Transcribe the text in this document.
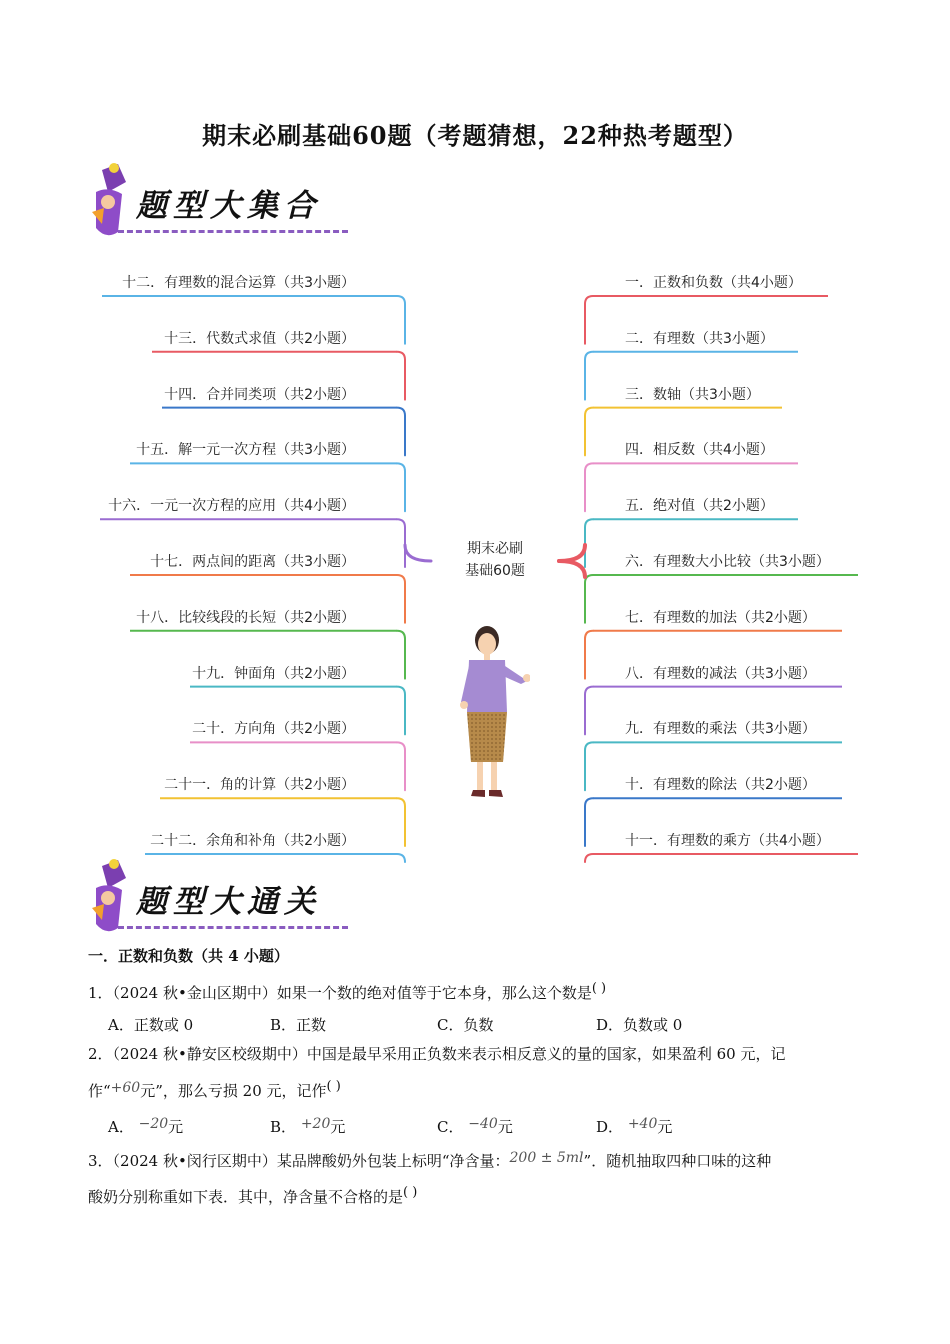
期末必刷基础60题（考题猜想，22种热考题型）
题型大集合
十二．有理数的混合运算（共3小题）
十三．代数式求值（共2小题）
十四．合并同类项（共2小题）
十五．解一元一次方程（共3小题）
十六．一元一次方程的应用（共4小题）
十七．两点间的距离（共3小题）
十八．比较线段的长短（共2小题）
十九．钟面角（共2小题）
二十．方向角（共2小题）
二十一．角的计算（共2小题）
二十二．余角和补角（共2小题）
一．正数和负数（共4小题）
二．有理数（共3小题）
三．数轴（共3小题）
四．相反数（共4小题）
五．绝对值（共2小题）
六．有理数大小比较（共3小题）
七．有理数的加法（共2小题）
八．有理数的减法（共3小题）
九．有理数的乘法（共3小题）
十．有理数的除法（共2小题）
十一．有理数的乘方（共4小题）
期末必刷
基础60题
题型大通关
一．正数和负数（共 4 小题）
1．（2024 秋•金山区期中）如果一个数的绝对值等于它本身，那么这个数是( )
A．正数或 0	B．正数	C．负数	D．负数或 0
2．（2024 秋•静安区校级期中）中国是最早采用正负数来表示相反意义的量的国家，如果盈利 60 元，记
作“+60元”，那么亏损 20 元，记作( )
A． −20元	B． +20元	C． −40元	D． +40元
3．（2024 秋•闵行区期中）某品牌酸奶外包装上标明“净含量：200 ± 5ml”．随机抽取四种口味的这种
酸奶分别称重如下表．其中，净含量不合格的是( )
